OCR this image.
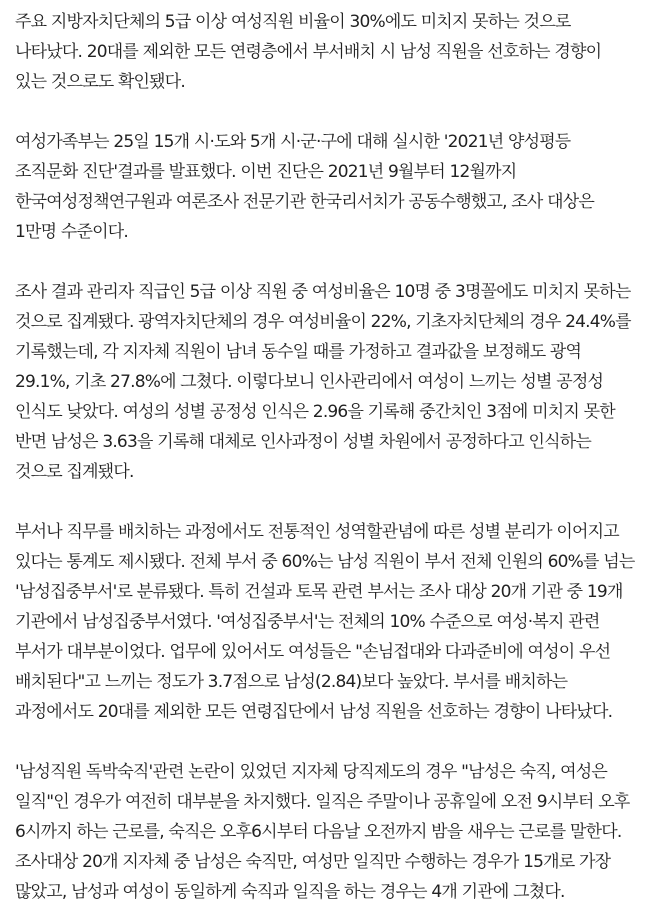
주요 지방자치단체의 5급 이상 여성직원 비율이 30%에도 미치지 못하는 것으로 나타났다. 20대를 제외한 모든 연령층에서 부서배치 시 남성 직원을 선호하는 경향이 있는 것으로도 확인됐다.

여성가족부는 25일 15개 시·도와 5개 시·군·구에 대해 실시한 '2021년 양성평등 조직문화 진단'결과를 발표했다. 이번 진단은 2021년 9월부터 12월까지 한국여성정책연구원과 여론조사 전문기관 한국리서치가 공동수행했고, 조사 대상은 1만명 수준이다.

조사 결과 관리자 직급인 5급 이상 직원 중 여성비율은 10명 중 3명꼴에도 미치지 못하는 것으로 집계됐다. 광역자치단체의 경우 여성비율이 22%, 기초자치단체의 경우 24.4%를 기록했는데, 각 지자체 직원이 남녀 동수일 때를 가정하고 결과값을 보정해도 광역 29.1%, 기초 27.8%에 그쳤다. 이렇다보니 인사관리에서 여성이 느끼는 성별 공정성 인식도 낮았다. 여성의 성별 공정성 인식은 2.96을 기록해 중간치인 3점에 미치지 못한 반면 남성은 3.63을 기록해 대체로 인사과정이 성별 차원에서 공정하다고 인식하는 것으로 집계됐다.

부서나 직무를 배치하는 과정에서도 전통적인 성역할관념에 따른 성별 분리가 이어지고 있다는 통계도 제시됐다. 전체 부서 중 60%는 남성 직원이 부서 전체 인원의 60%를 넘는 '남성집중부서'로 분류됐다. 특히 건설과 토목 관련 부서는 조사 대상 20개 기관 중 19개 기관에서 남성집중부서였다. '여성집중부서'는 전체의 10% 수준으로 여성·복지 관련 부서가 대부분이었다. 업무에 있어서도 여성들은 "손님접대와 다과준비에 여성이 우선 배치된다"고 느끼는 정도가 3.7점으로 남성(2.84)보다 높았다. 부서를 배치하는 과정에서도 20대를 제외한 모든 연령집단에서 남성 직원을 선호하는 경향이 나타났다.

'남성직원 독박숙직'관련 논란이 있었던 지자체 당직제도의 경우 "남성은 숙직, 여성은 일직"인 경우가 여전히 대부분을 차지했다. 일직은 주말이나 공휴일에 오전 9시부터 오후 6시까지 하는 근로를, 숙직은 오후6시부터 다음날 오전까지 밤을 새우는 근로를 말한다. 조사대상 20개 지자체 중 남성은 숙직만, 여성만 일직만 수행하는 경우가 15개로 가장 많았고, 남성과 여성이 동일하게 숙직과 일직을 하는 경우는 4개 기관에 그쳤다.
